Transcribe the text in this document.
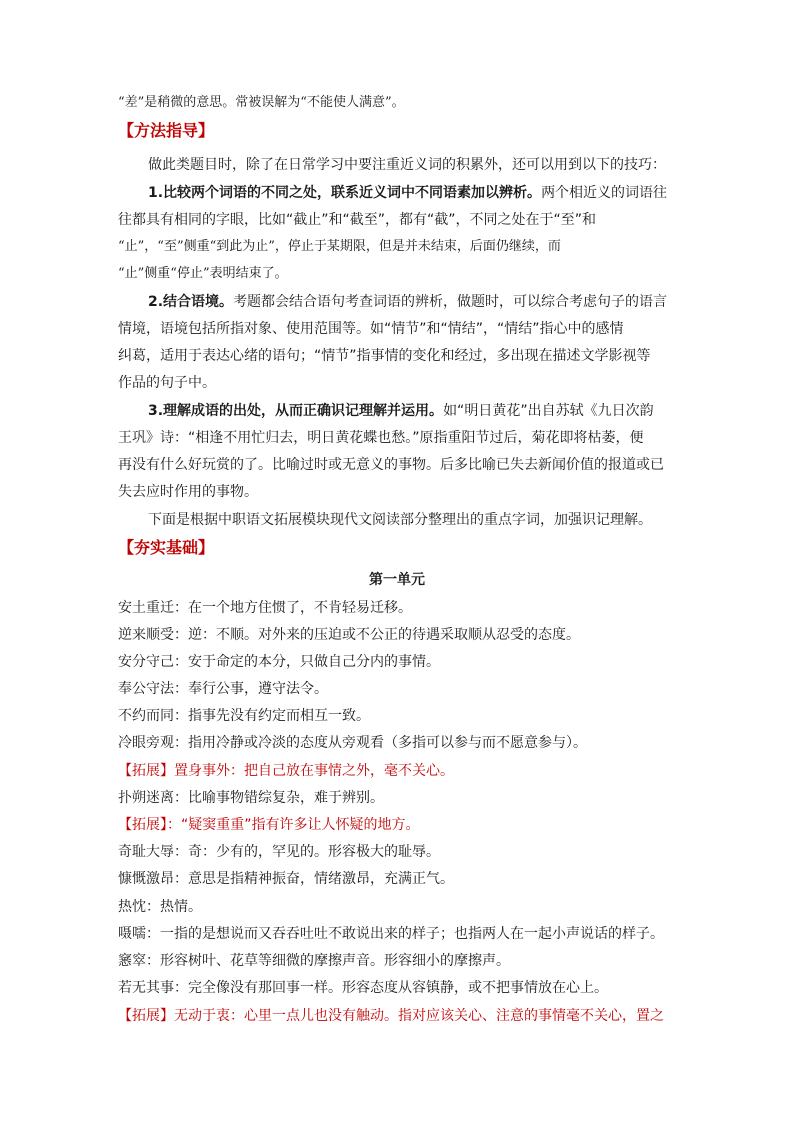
“差”是稍微的意思。常被误解为“不能使人满意”。
【方法指导】
做此类题目时，除了在日常学习中要注重近义词的积累外，还可以用到以下的技巧：
1.比较两个词语的不同之处，联系近义词中不同语素加以辨析。两个相近义的词语往
往都具有相同的字眼，比如“截止”和“截至”，都有“截”，不同之处在于“至”和
“止”，“至”侧重“到此为止”，停止于某期限，但是并未结束，后面仍继续，而
“止”侧重“停止”表明结束了。
2.结合语境。考题都会结合语句考查词语的辨析，做题时，可以综合考虑句子的语言
情境，语境包括所指对象、使用范围等。如“情节”和“情结”，“情结”指心中的感情
纠葛，适用于表达心绪的语句；“情节”指事情的变化和经过，多出现在描述文学影视等
作品的句子中。
3.理解成语的出处，从而正确识记理解并运用。如“明日黄花”出自苏轼《九日次韵
王巩》诗：“相逢不用忙归去，明日黄花蝶也愁。”原指重阳节过后，菊花即将枯萎，便
再没有什么好玩赏的了。比喻过时或无意义的事物。后多比喻已失去新闻价值的报道或已
失去应时作用的事物。
下面是根据中职语文拓展模块现代文阅读部分整理出的重点字词，加强识记理解。
【夯实基础】
第一单元
安土重迁：在一个地方住惯了，不肯轻易迁移。
逆来顺受：逆：不顺。对外来的压迫或不公正的待遇采取顺从忍受的态度。
安分守己：安于命定的本分，只做自己分内的事情。
奉公守法：奉行公事，遵守法令。
不约而同：指事先没有约定而相互一致。
冷眼旁观：指用冷静或冷淡的态度从旁观看（多指可以参与而不愿意参与）。
【拓展】置身事外：把自己放在事情之外，毫不关心。
扑朔迷离：比喻事物错综复杂，难于辨别。
【拓展】：“疑窦重重”指有许多让人怀疑的地方。
奇耻大辱：奇：少有的，罕见的。形容极大的耻辱。
慷慨激昂：意思是指精神振奋，情绪激昂，充满正气。
热忱：热情。
嗫嚅：一指的是想说而又吞吞吐吐不敢说出来的样子；也指两人在一起小声说话的样子。
窸窣：形容树叶、花草等细微的摩擦声音。形容细小的摩擦声。
若无其事：完全像没有那回事一样。形容态度从容镇静，或不把事情放在心上。
【拓展】无动于衷：心里一点儿也没有触动。指对应该关心、注意的事情毫不关心，置之
